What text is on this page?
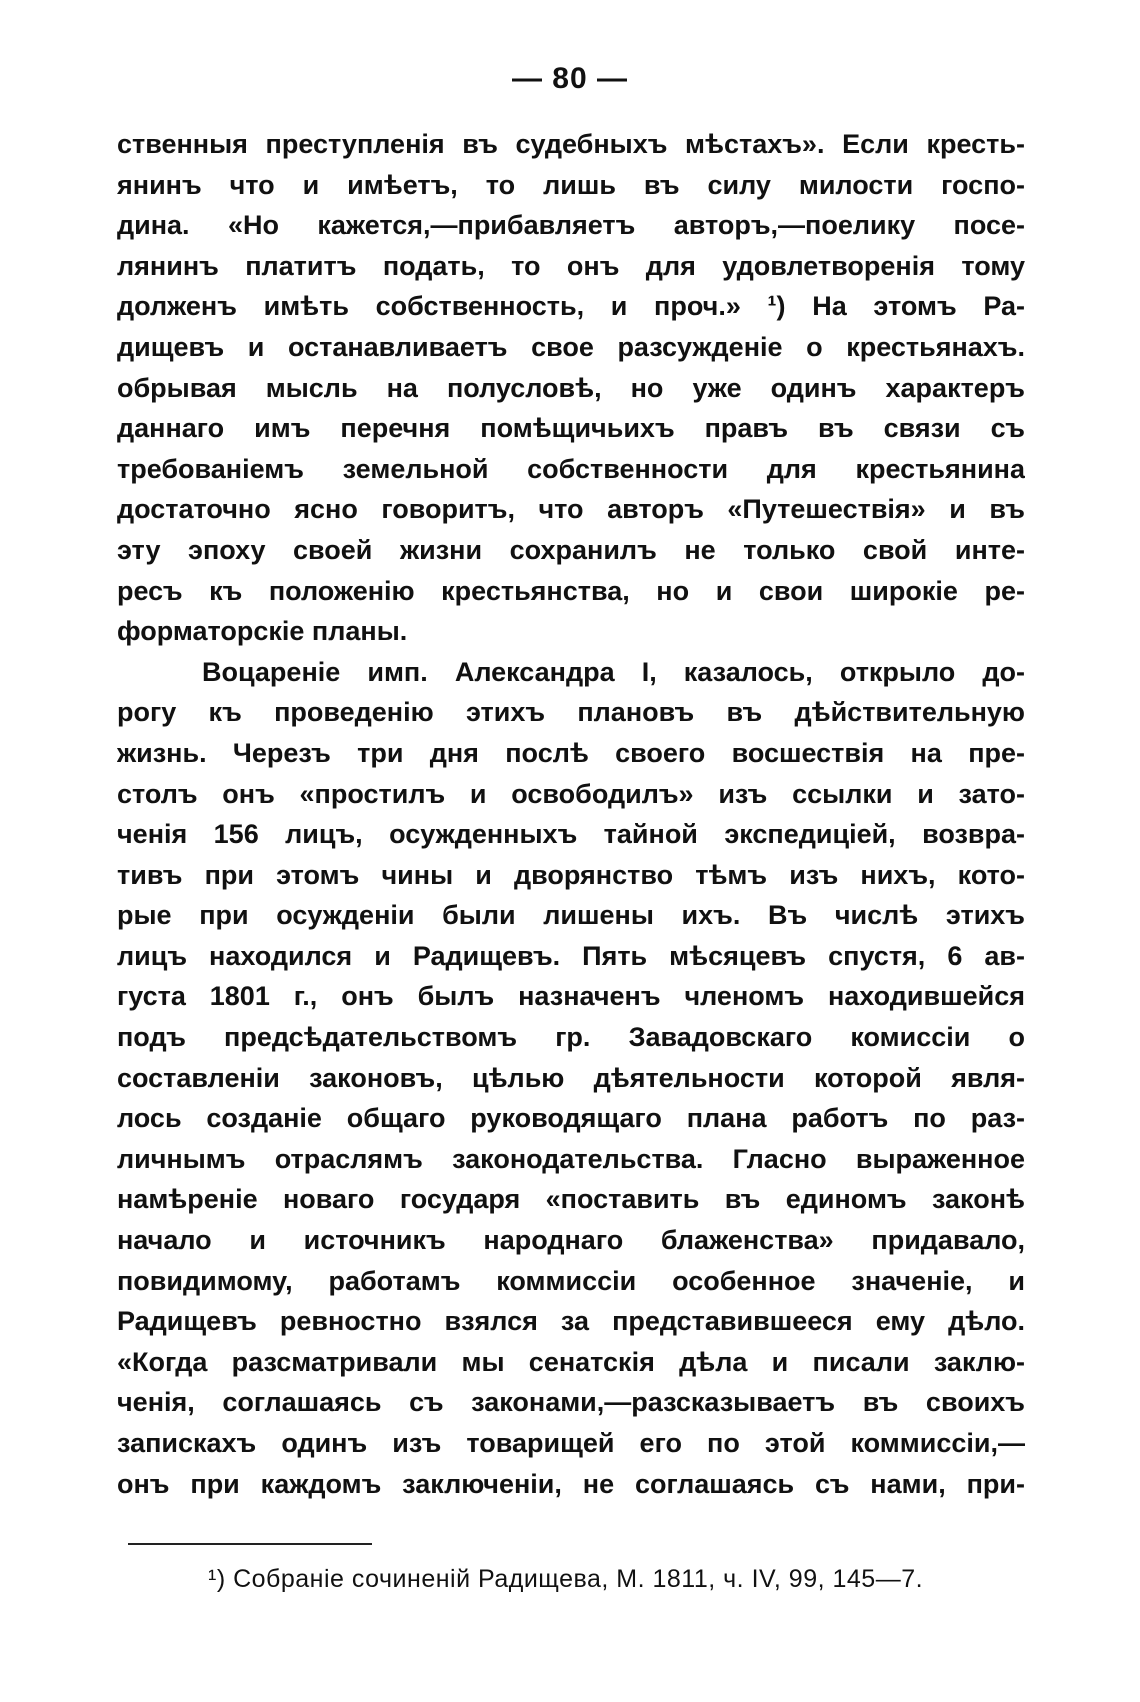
— 80 —
ственныя преступленія въ судебныхъ мѣстахъ». Если кресть-
янинъ что и имѣетъ, то лишь въ силу милости госпо-
дина. «Но кажется,—прибавляетъ авторъ,—поелику посе-
лянинъ платитъ подать, то онъ для удовлетворенія тому
долженъ имѣть собственность, и проч.» ¹) На этомъ Ра-
дищевъ и останавливаетъ свое разсужденіе о крестьянахъ.
обрывая мысль на полусловѣ, но уже одинъ характеръ
даннаго имъ перечня помѣщичьихъ правъ въ связи съ
требованіемъ земельной собственности для крестьянина
достаточно ясно говоритъ, что авторъ «Путешествія» и въ
эту эпоху своей жизни сохранилъ не только свой инте-
ресъ къ положенію крестьянства, но и свои широкіе ре-
форматорскіе планы.
Воцареніе имп. Александра I, казалось, открыло до-
рогу къ проведенію этихъ плановъ въ дѣйствительную
жизнь. Черезъ три дня послѣ своего восшествія на пре-
столъ онъ «простилъ и освободилъ» изъ ссылки и зато-
ченія 156 лицъ, осужденныхъ тайной экспедиціей, возвра-
тивъ при этомъ чины и дворянство тѣмъ изъ нихъ, кото-
рые при осужденіи были лишены ихъ. Въ числѣ этихъ
лицъ находился и Радищевъ. Пять мѣсяцевъ спустя, 6 ав-
густа 1801 г., онъ былъ назначенъ членомъ находившейся
подъ предсѣдательствомъ гр. Завадовскаго комиссіи о
составленіи законовъ, цѣлью дѣятельности которой явля-
лось созданіе общаго руководящаго плана работъ по раз-
личнымъ отраслямъ законодательства. Гласно выраженное
намѣреніе новаго государя «поставить въ единомъ законѣ
начало и источникъ народнаго блаженства» придавало,
повидимому, работамъ коммиссіи особенное значеніе, и
Радищевъ ревностно взялся за представившееся ему дѣло.
«Когда разсматривали мы сенатскія дѣла и писали заклю-
ченія, соглашаясь съ законами,—разсказываетъ въ своихъ
запискахъ одинъ изъ товарищей его по этой коммиссіи,—
онъ при каждомъ заключеніи, не соглашаясь съ нами, при-
¹) Собраніе сочиненій Радищева, М. 1811, ч. IV, 99, 145—7.
